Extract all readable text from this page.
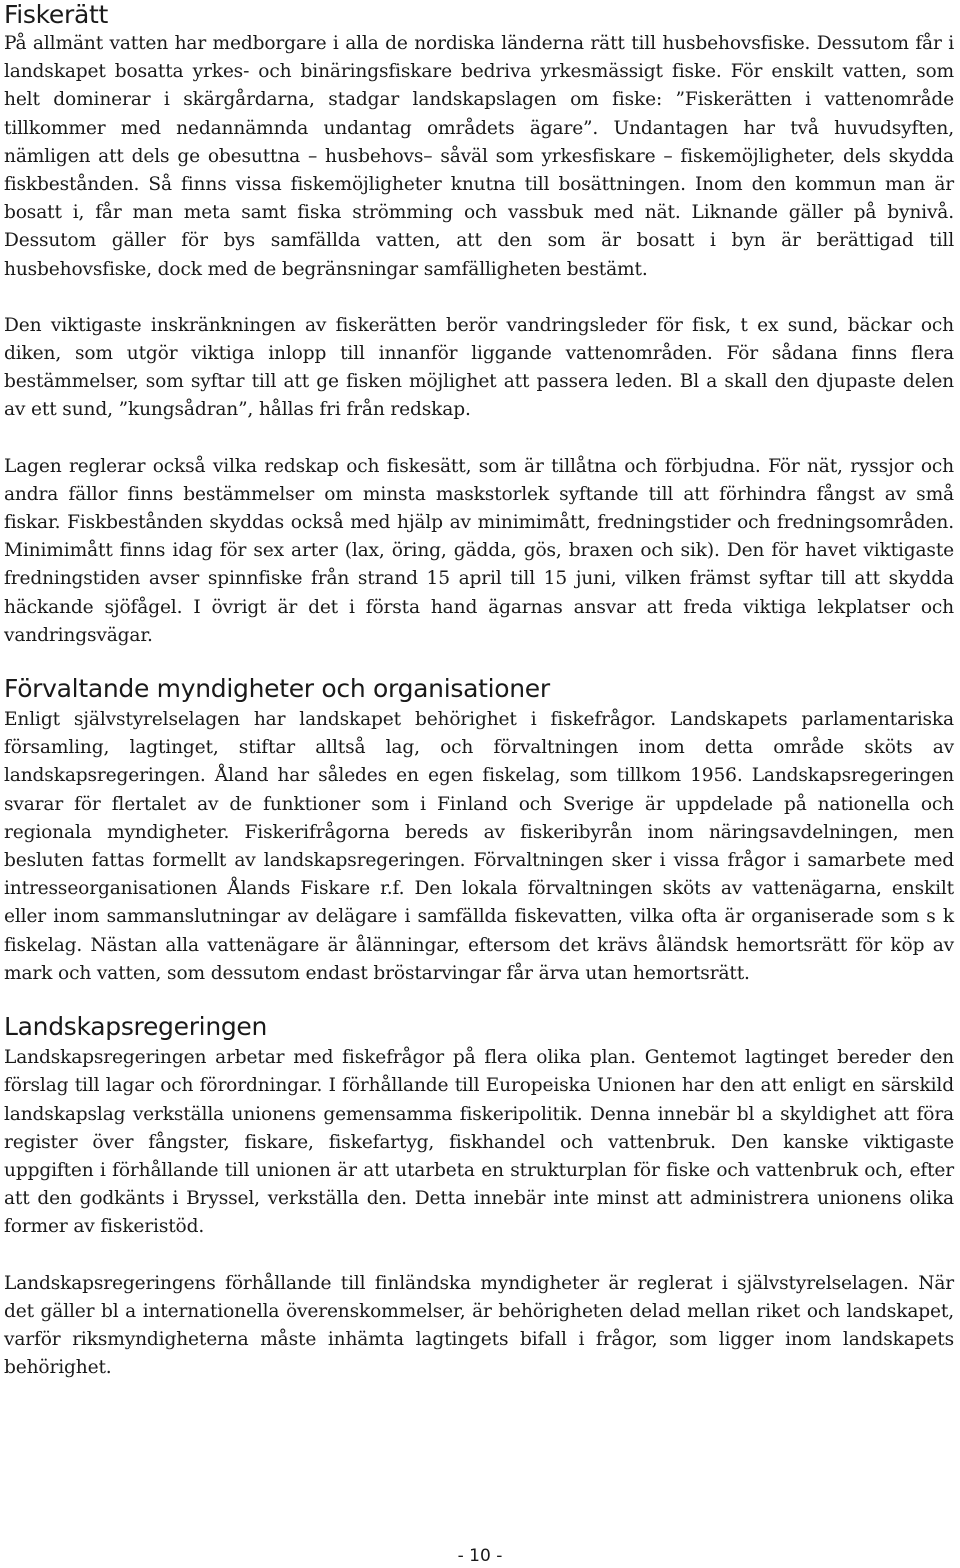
Fiskerätt

På allmänt vatten har medborgare i alla de nordiska länderna rätt till husbehovsfiske. Dessutom får i landskapet bosatta yrkes- och binäringsfiskare bedriva yrkesmässigt fiske. För enskilt vatten, som helt dominerar i skärgårdarna, stadgar landskapslagen om fiske: ”Fiskerätten i vattenområde tillkommer med nedannämnda undantag områdets ägare”. Undantagen har två huvudsyften, nämligen att dels ge obesuttna – husbehovs– såväl som yrkesfiskare – fiskemöjligheter, dels skydda fiskbestånden. Så finns vissa fiskemöjligheter knutna till bosättningen. Inom den kommun man är bosatt i, får man meta samt fiska strömming och vassbuk med nät. Liknande gäller på bynivå. Dessutom gäller för bys samfällda vatten, att den som är bosatt i byn är berättigad till husbehovsfiske, dock med de begränsningar samfälligheten bestämt.

Den viktigaste inskränkningen av fiskerätten berör vandringsleder för fisk, t ex sund, bäckar och diken, som utgör viktiga inlopp till innanför liggande vattenområden. För sådana finns flera bestämmelser, som syftar till att ge fisken möjlighet att passera leden. Bl a skall den djupaste delen av ett sund, ”kungsådran”, hållas fri från redskap.

Lagen reglerar också vilka redskap och fiskesätt, som är tillåtna och förbjudna. För nät, ryssjor och andra fällor finns bestämmelser om minsta maskstorlek syftande till att förhindra fångst av små fiskar. Fiskbestånden skyddas också med hjälp av minimimått, fredningstider och fredningsområden. Minimimått finns idag för sex arter (lax, öring, gädda, gös, braxen och sik). Den för havet viktigaste fredningstiden avser spinnfiske från strand 15 april till 15 juni, vilken främst syftar till att skydda häckande sjöfågel. I övrigt är det i första hand ägarnas ansvar att freda viktiga lekplatser och vandringsvägar.

Förvaltande myndigheter och organisationer

Enligt självstyrelselagen har landskapet behörighet i fiskefrågor. Landskapets parlamentariska församling, lagtinget, stiftar alltså lag, och förvaltningen inom detta område sköts av landskapsregeringen. Åland har således en egen fiskelag, som tillkom 1956. Landskapsregeringen svarar för flertalet av de funktioner som i Finland och Sverige är uppdelade på nationella och regionala myndigheter. Fiskerifrågorna bereds av fiskeribyrån inom näringsavdelningen, men besluten fattas formellt av landskapsregeringen. Förvaltningen sker i vissa frågor i samarbete med intresseorganisationen Ålands Fiskare r.f. Den lokala förvaltningen sköts av vattenägarna, enskilt eller inom sammanslutningar av delägare i samfällda fiskevatten, vilka ofta är organiserade som s k fiskelag. Nästan alla vattenägare är ålänningar, eftersom det krävs åländsk hemortsrätt för köp av mark och vatten, som dessutom endast bröstarvingar får ärva utan hemortsrätt.

Landskapsregeringen

Landskapsregeringen arbetar med fiskefrågor på flera olika plan. Gentemot lagtinget bereder den förslag till lagar och förordningar. I förhållande till Europeiska Unionen har den att enligt en särskild landskapslag verkställa unionens gemensamma fiskeripolitik. Denna innebär bl a skyldighet att föra register över fångster, fiskare, fiskefartyg, fiskhandel och vattenbruk. Den kanske viktigaste uppgiften i förhållande till unionen är att utarbeta en strukturplan för fiske och vattenbruk och, efter att den godkänts i Bryssel, verkställa den. Detta innebär inte minst att administrera unionens olika former av fiskeristöd.

Landskapsregeringens förhållande till finländska myndigheter är reglerat i självstyrelselagen. När det gäller bl a internationella överenskommelser, är behörigheten delad mellan riket och landskapet, varför riksmyndigheterna måste inhämta lagtingets bifall i frågor, som ligger inom landskapets behörighet.

- 10 -
